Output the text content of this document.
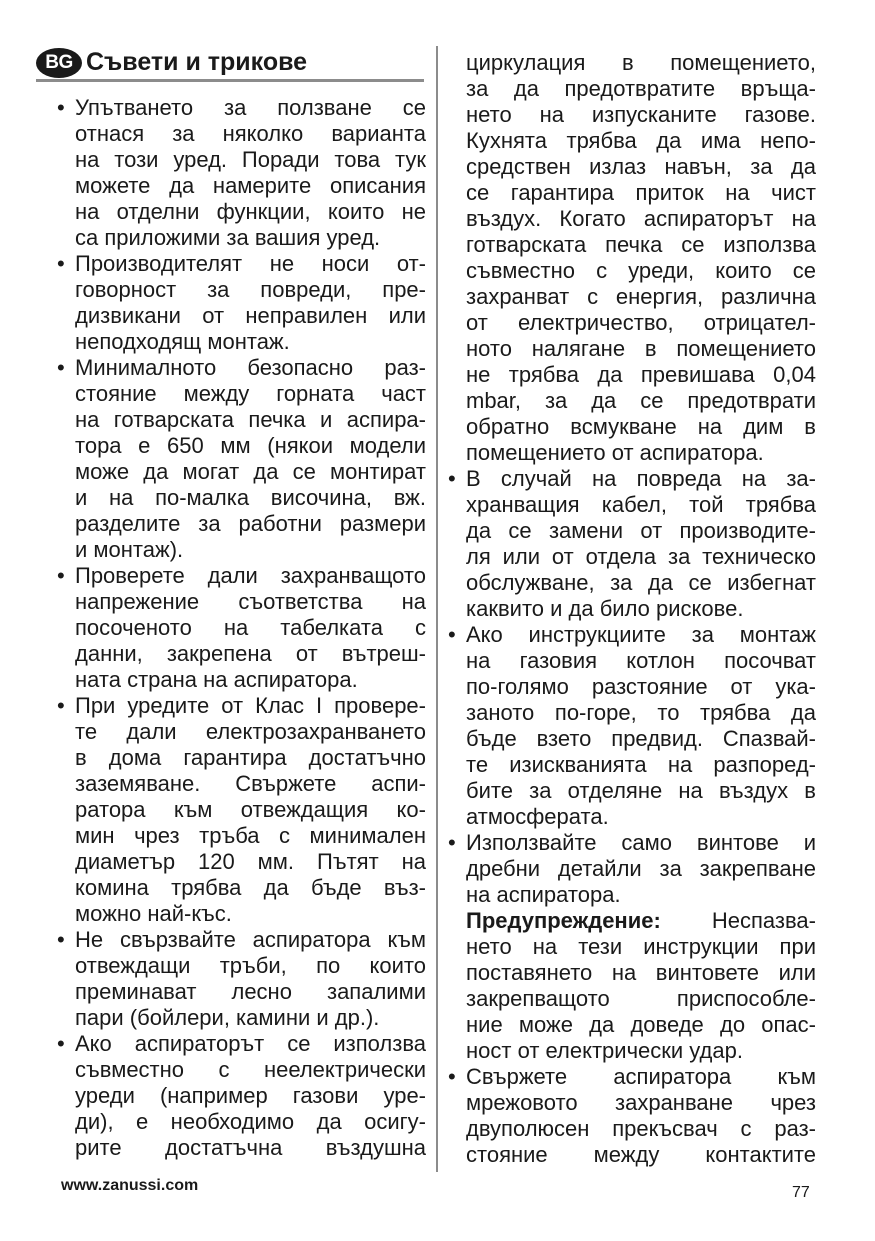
BG Съвети и трикове
• Упътването за ползване се
отнася за няколко варианта
на този уред. Поради това тук
можете да намерите описания
на отделни функции, които не
са приложими за вашия уред.
• Производителят не носи от-
говорност за повреди, пре-
дизвикани от неправилен или
неподходящ монтаж.
• Минималното безопасно раз-
стояние между горната част
на готварската печка и аспира-
тора е 650 мм (някои модели
може да могат да се монтират
и на по-малка височина, вж.
разделите за работни размери
и монтаж).
• Проверете дали захранващото
напрежение съответства на
посоченото на табелката с
данни, закрепена от вътреш-
ната страна на аспиратора.
• При уредите от Клас I проверe-
те дали електрозахранването
в дома гарантира достатъчно
заземяване. Свържете аспи-
ратора към отвеждащия ко-
мин чрез тръба с минимален
диаметър 120 мм. Пътят на
комина трябва да бъде въз-
можно най-къс.
• Не свързвайте аспиратора към
отвеждащи тръби, по които
преминават лесно запалими
пари (бойлери, камини и др.).
• Ако аспираторът се използва
съвместно с неелектрически
уреди (например газови уре-
ди), е необходимо да осигу-
рите достатъчна въздушна
циркулация в помещението,
за да предотвратите връща-
нето на изпусканите газове.
Кухнята трябва да има непо-
средствен излаз навън, за да
се гарантира приток на чист
въздух. Когато аспираторът на
готварската печка се използва
съвместно с уреди, които се
захранват с енергия, различна
от електричество, отрицател-
ното налягане в помещението
не трябва да превишава 0,04
mbar, за да се предотврати
обратно всмукване на дим в
помещението от аспиратора.
• В случай на повреда на за-
хранващия кабел, той трябва
да се замени от производите-
ля или от отдела за техническо
обслужване, за да се избегнат
каквито и да било рискове.
• Ако инструкциите за монтаж
на газовия котлон посочват
по-голямо разстояние от ука-
заното по-горе, то трябва да
бъде взето предвид. Спазвай-
те изискванията на разпоред-
бите за отделяне на въздух в
атмосферата.
• Използвайте само винтове и
дребни детайли за закрепване
на аспиратора.
Предупреждение: Неспазва-
нето на тези инструкции при
поставянето на винтовете или
закрепващото приспособле-
ние може да доведе до опас-
ност от електрически удар.
• Свържете аспиратора към
мрежовото захранване чрез
двуполюсен прекъсвач с раз-
стояние между контактите
www.zanussi.com	77
